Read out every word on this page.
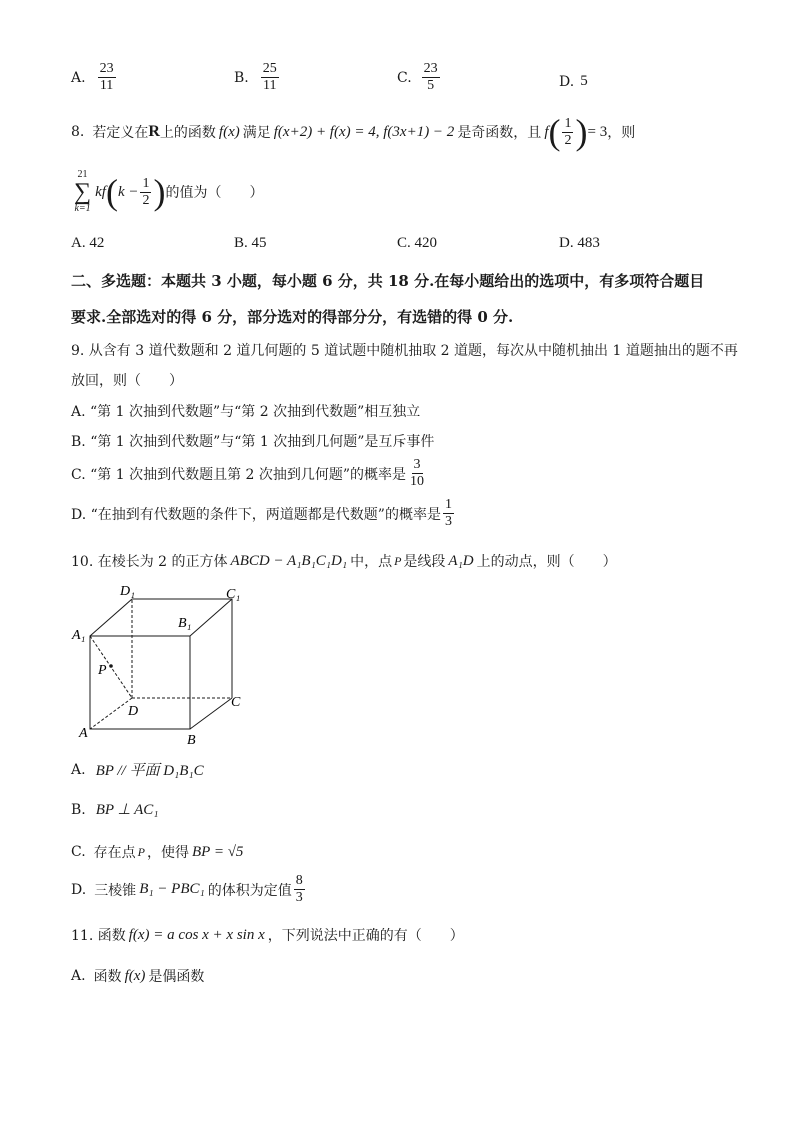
A. $\frac{23}{11}$	B. $\frac{25}{11}$	C. $\frac{23}{5}$	D. 5
8. 若定义在 R 上的函数 f(x) 满足 f(x+2) + f(x) = 4, f(3x+1) − 2 是奇函数，且 f ( $\frac{1}{2}$ ) = 3 ，则
21
∑
k=1
kf ( $k - \frac{1}{2}$ ) 的值为（　　）
A. 42	B. 45	C. 420	D. 483
二、多选题：本题共 3 小题，每小题 6 分，共 18 分.在每小题给出的选项中，有多项符合题目
要求.全部选对的得 6 分，部分选对的得部分分，有选错的得 0 分.
9. 从含有 3 道代数题和 2 道几何题的 5 道试题中随机抽取 2 道题，每次从中随机抽出 1 道题抽出的题不再
放回，则（　　）
A. “第 1 次抽到代数题”与“第 2 次抽到代数题”相互独立
B. “第 1 次抽到代数题”与“第 1 次抽到几何题”是互斥事件
C. “第 1 次抽到代数题且第 2 次抽到几何题”的概率是 $\frac{3}{10}$
D. “在抽到有代数题的条件下，两道题都是代数题”的概率是 $\frac{1}{3}$
10. 在棱长为 2 的正方体 ABCD − A₁B₁C₁D₁ 中，点 P 是线段 A₁D 上的动点，则（　　）
D₁	C₁
A₁
B₁
P
D
C
A	B
A. BP // 平面 D₁B₁C
B. BP ⊥ AC₁
C. 存在点 P ，使得 BP = √5
D. 三棱锥 B₁ − PBC₁ 的体积为定值 $\frac{8}{3}$
11. 函数 f(x) = a cos x + x sin x ，下列说法中正确的有（　　）
A. 函数 f(x) 是偶函数
